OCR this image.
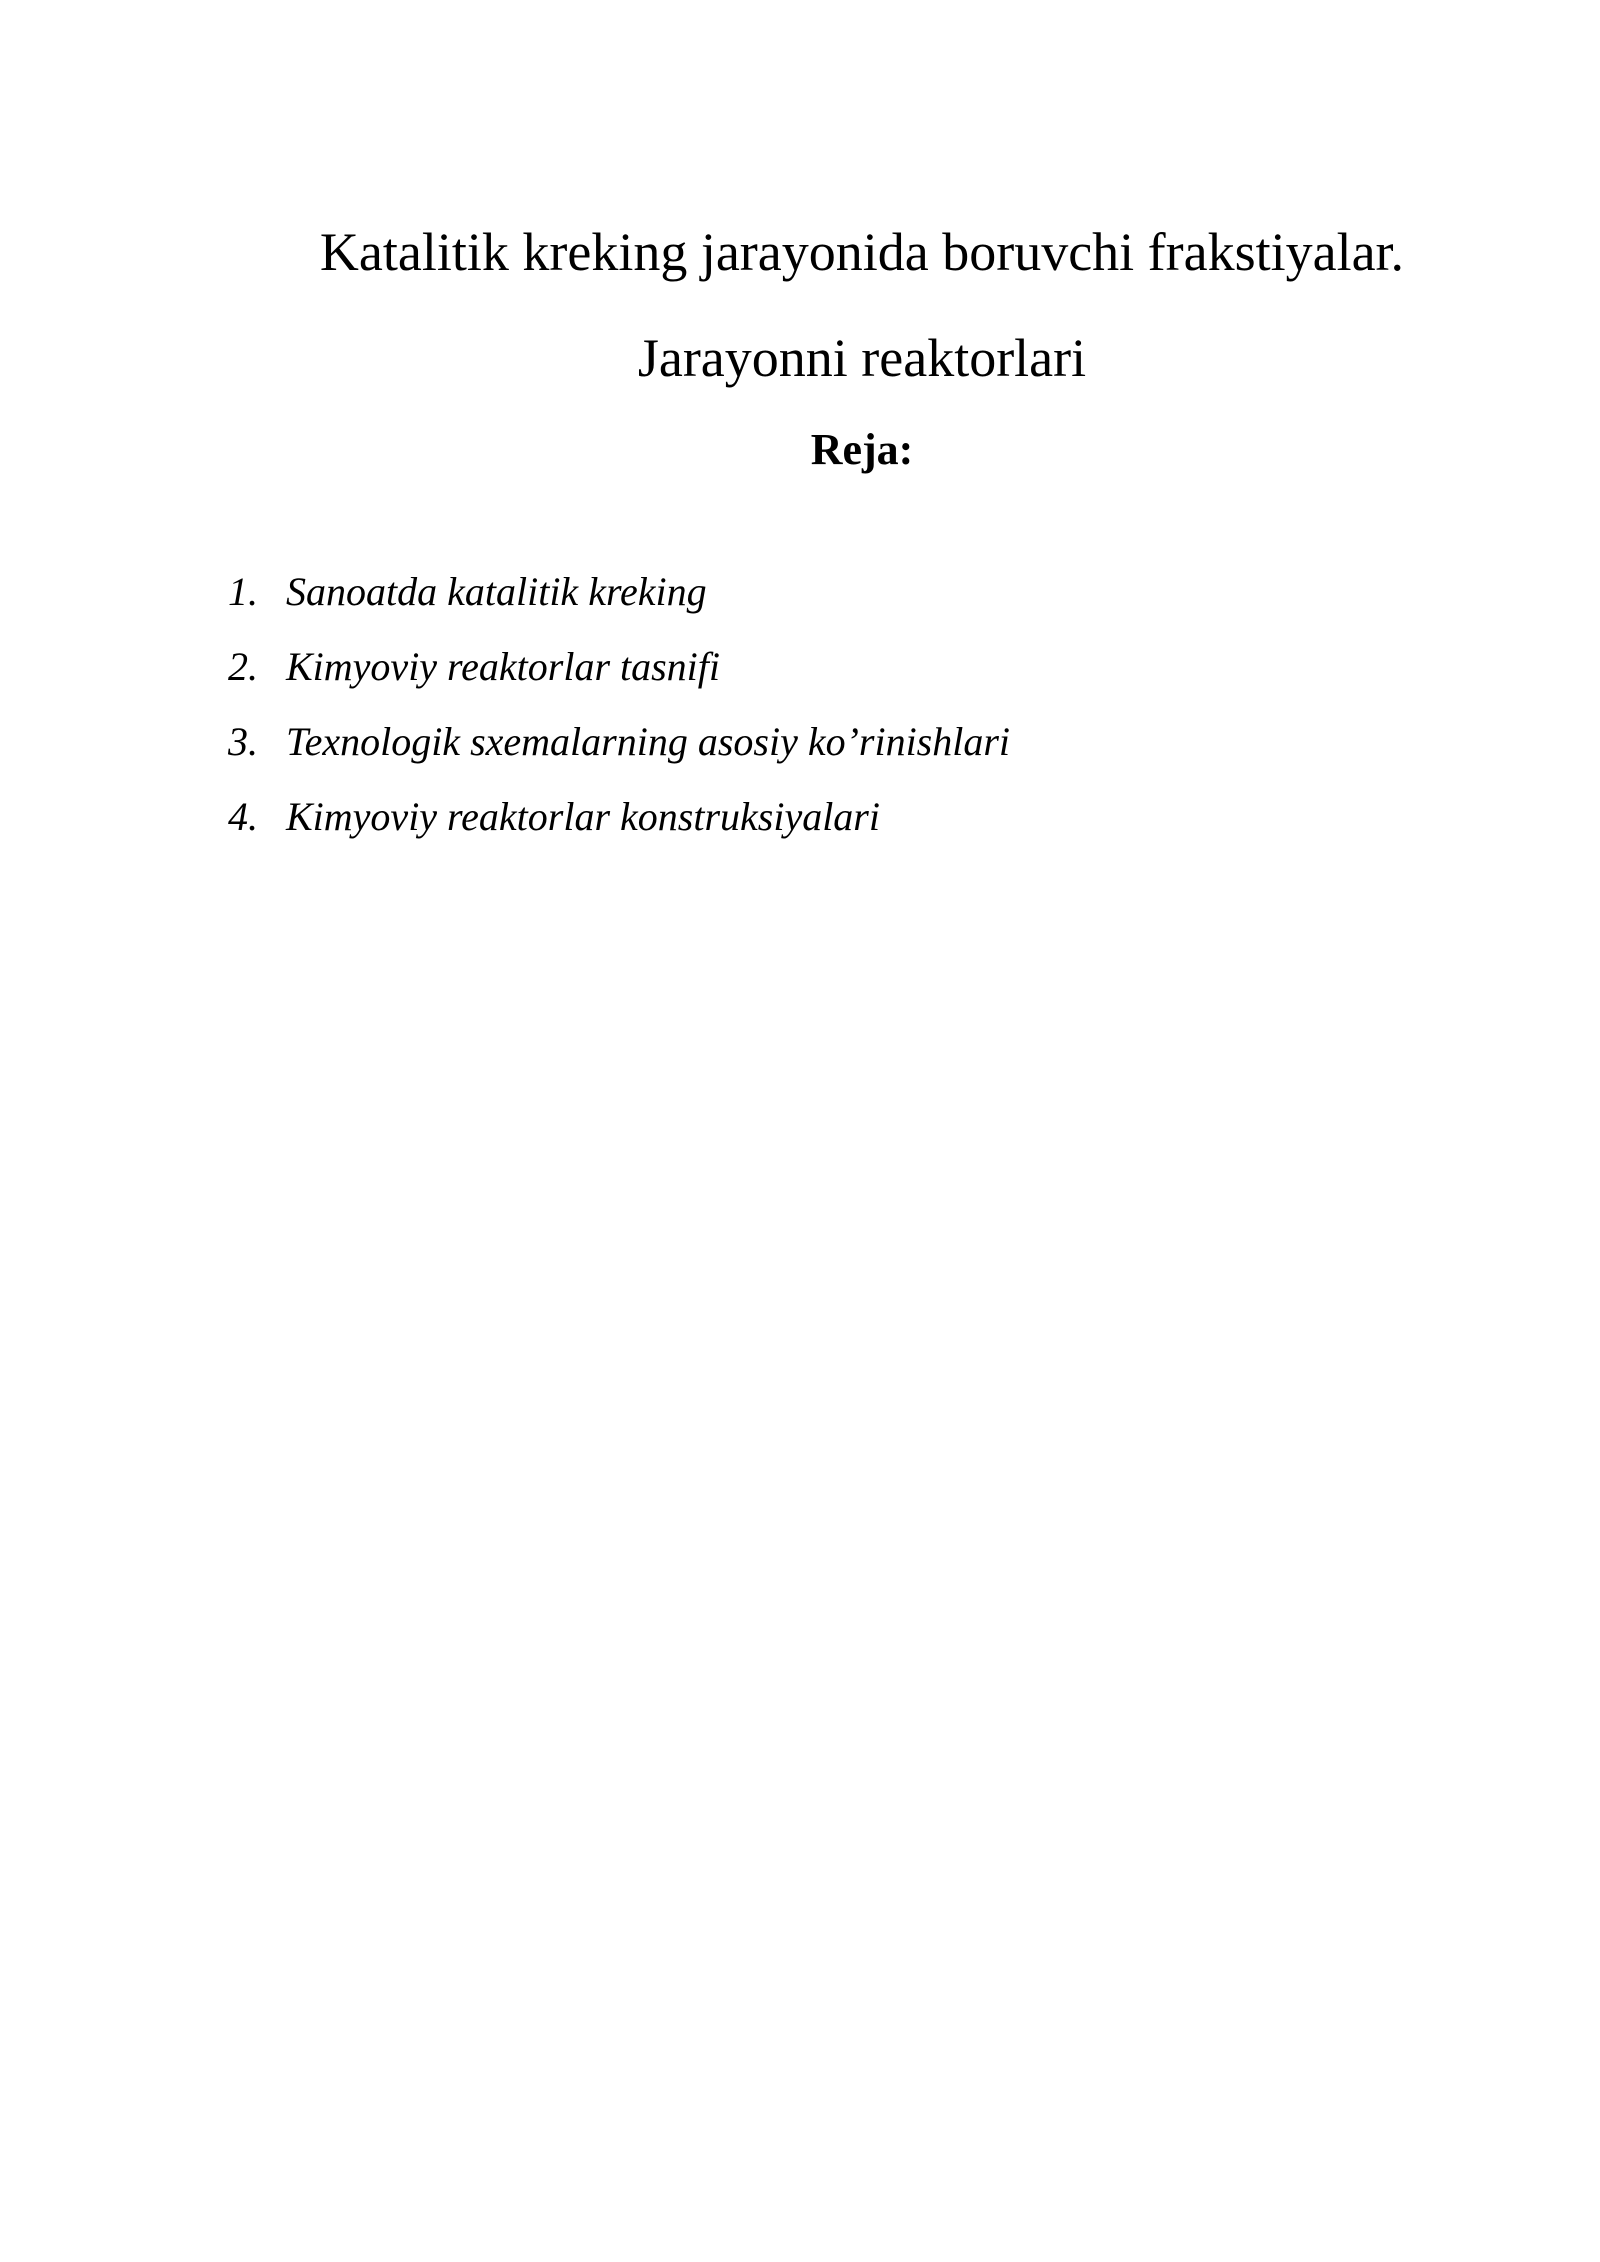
Katalitik kreking jarayonida boruvchi frakstiyalar.
Jarayonni reaktorlari
Reja:
1. Sanoatda katalitik kreking
2. Kimyoviy reaktorlar tasnifi
3. Texnologik sxemalarning asosiy ko’rinishlari
4. Kimyoviy reaktorlar konstruksiyalari
